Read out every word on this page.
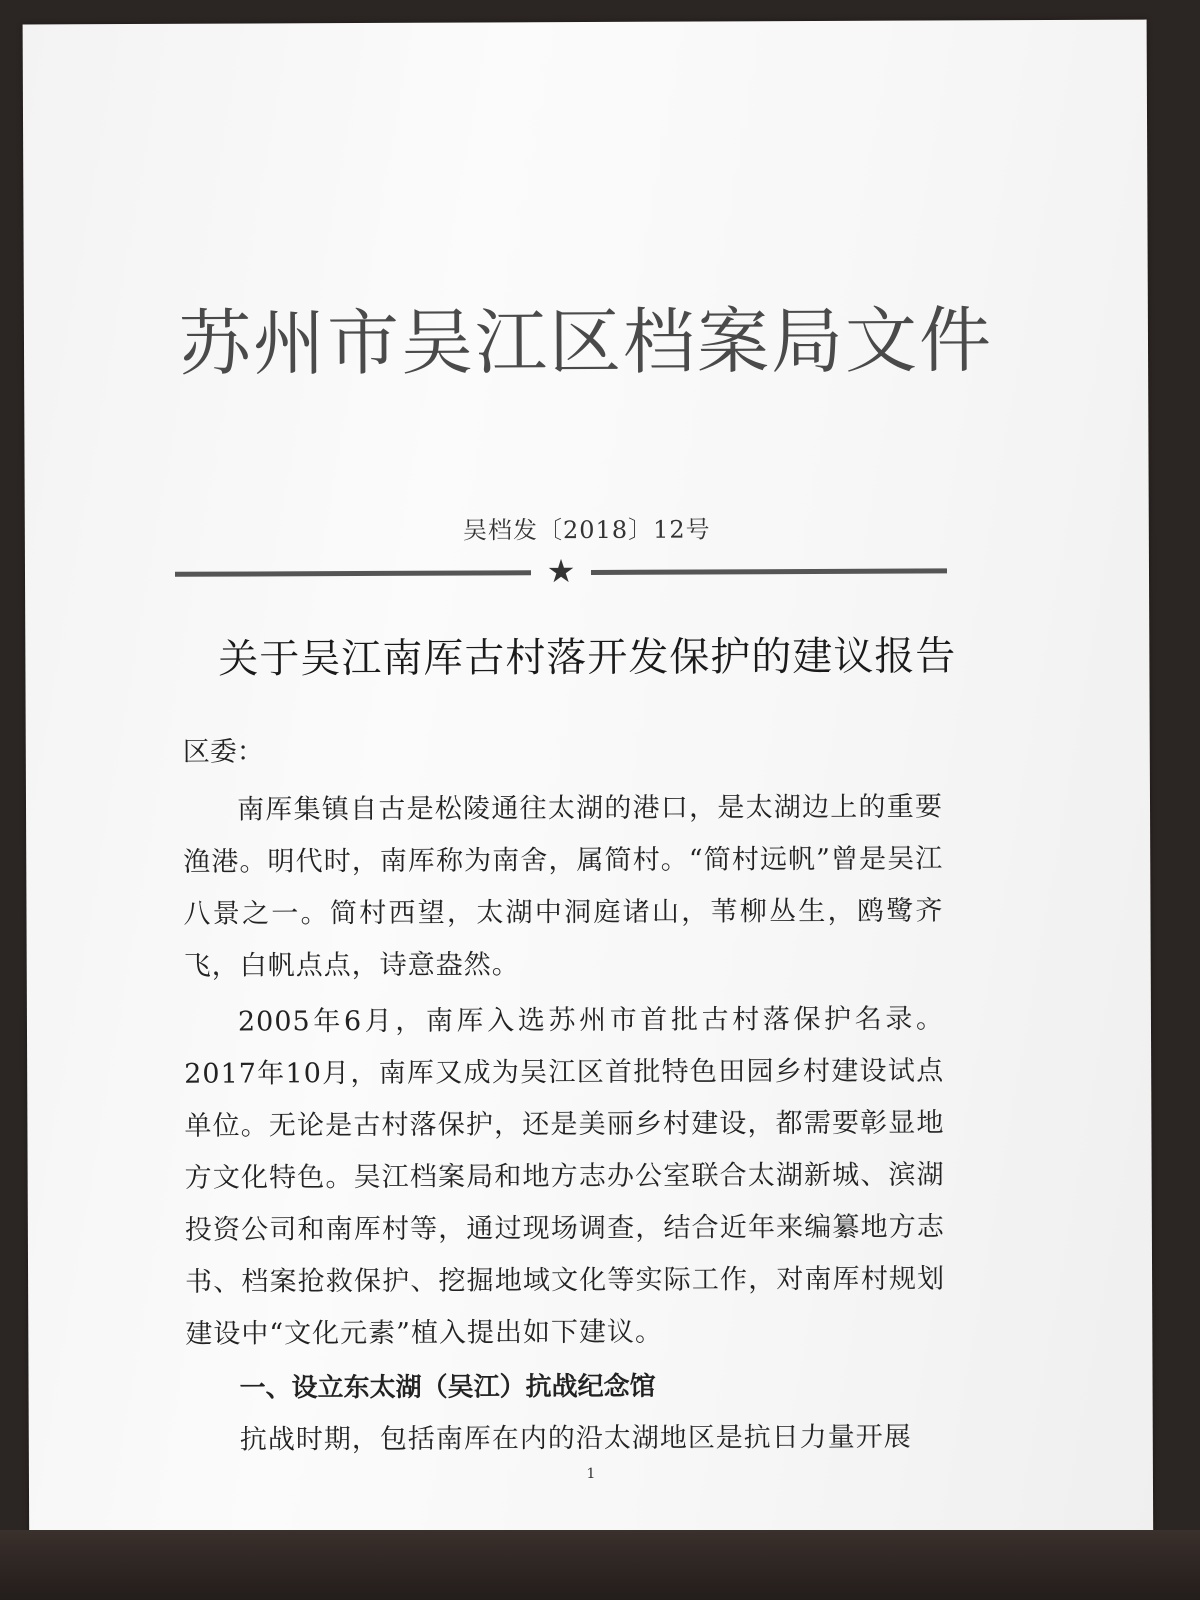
苏州市吴江区档案局文件
吴档发〔2018〕12号
★
关于吴江南厍古村落开发保护的建议报告

区委：

南厍集镇自古是松陵通往太湖的港口，是太湖边上的重要渔港。明代时，南厍称为南舍，属简村。“简村远帆”曾是吴江八景之一。简村西望，太湖中洞庭诸山，苇柳丛生，鸥鹭齐飞，白帆点点，诗意盎然。

2005年6月，南厍入选苏州市首批古村落保护名录。2017年10月，南厍又成为吴江区首批特色田园乡村建设试点单位。无论是古村落保护，还是美丽乡村建设，都需要彰显地方文化特色。吴江档案局和地方志办公室联合太湖新城、滨湖投资公司和南厍村等，通过现场调查，结合近年来编纂地方志书、档案抢救保护、挖掘地域文化等实际工作，对南厍村规划建设中“文化元素”植入提出如下建议。

一、设立东太湖（吴江）抗战纪念馆

抗战时期，包括南厍在内的沿太湖地区是抗日力量开展

1
